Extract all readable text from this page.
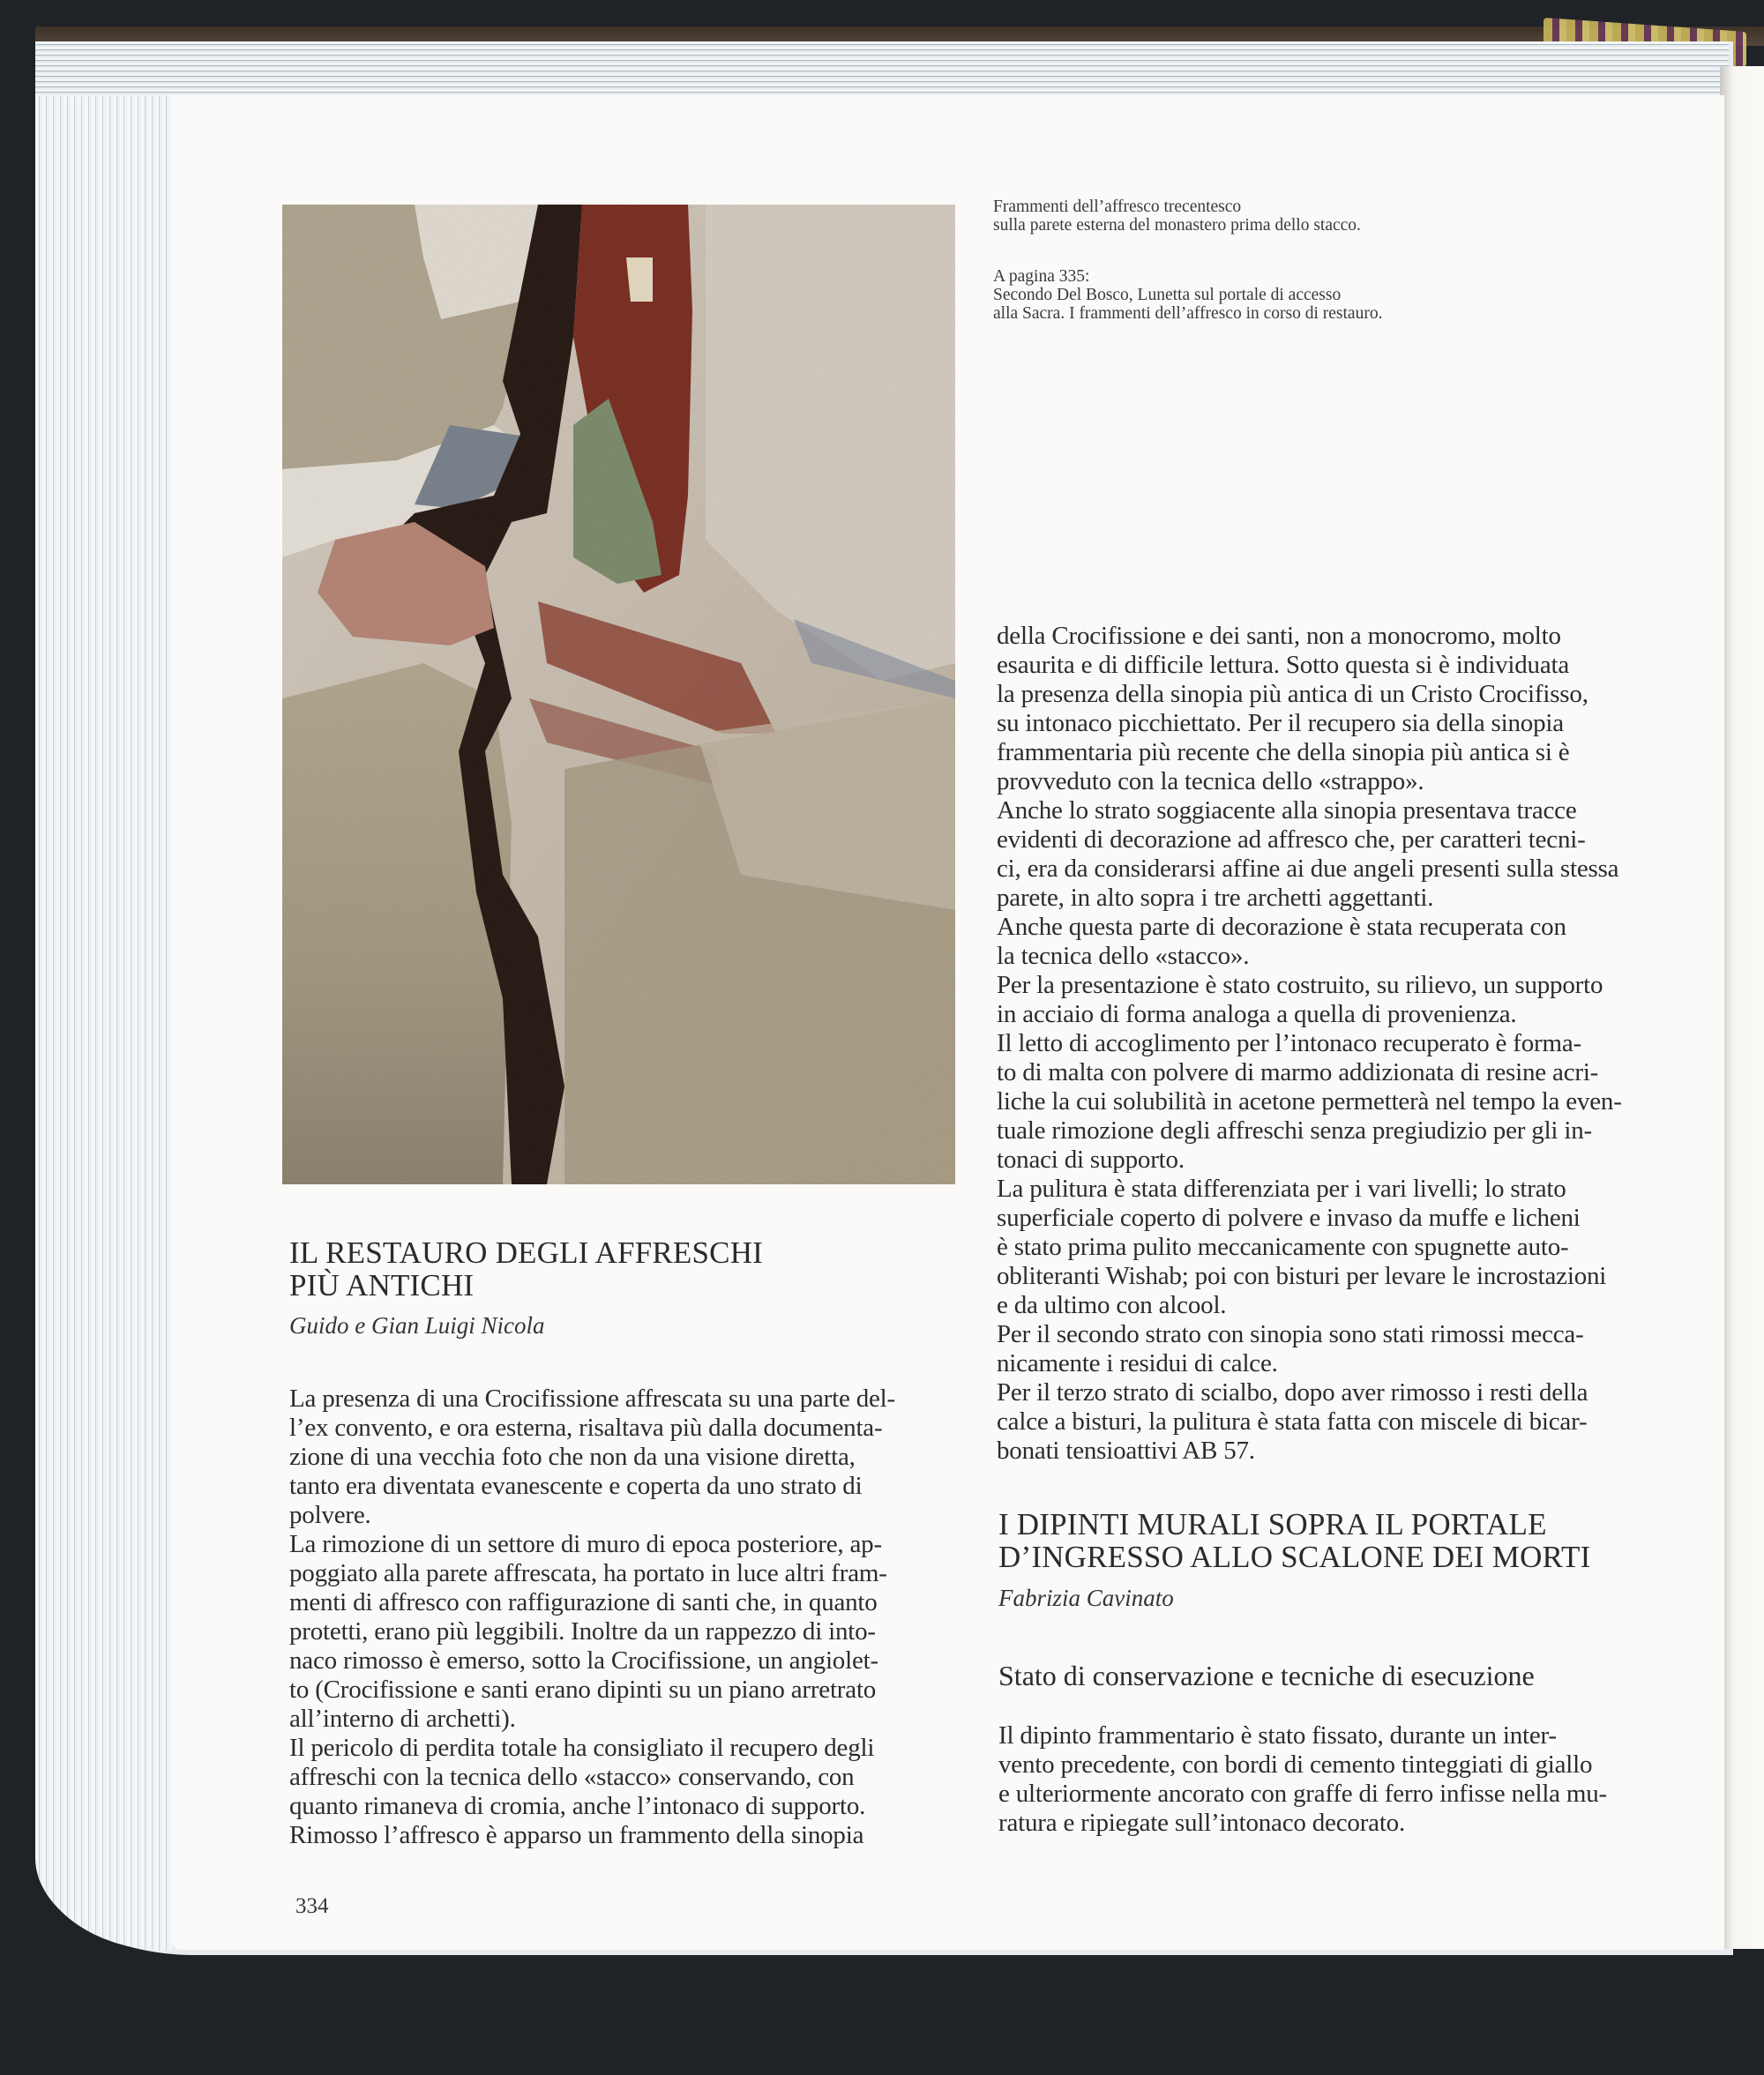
Frammenti dell’affresco trecentesco

sulla parete esterna del monastero prima dello stacco.

A pagina 335:

Secondo Del Bosco, Lunetta sul portale di accesso

alla Sacra. I frammenti dell’affresco in corso di restauro.

IL RESTAURO DEGLI AFFRESCHI

PIÙ ANTICHI

Guido e Gian Luigi Nicola

La presenza di una Crocifissione affrescata su una parte del-

l’ex convento, e ora esterna, risaltava più dalla documenta-

zione di una vecchia foto che non da una visione diretta,

tanto era diventata evanescente e coperta da uno strato di

polvere.

La rimozione di un settore di muro di epoca posteriore, ap-

poggiato alla parete affrescata, ha portato in luce altri fram-

menti di affresco con raffigurazione di santi che, in quanto

protetti, erano più leggibili. Inoltre da un rappezzo di into-

naco rimosso è emerso, sotto la Crocifissione, un angiolet-

to (Crocifissione e santi erano dipinti su un piano arretrato

all’interno di archetti).

Il pericolo di perdita totale ha consigliato il recupero degli

affreschi con la tecnica dello «stacco» conservando, con

quanto rimaneva di cromia, anche l’intonaco di supporto.

Rimosso l’affresco è apparso un frammento della sinopia

della Crocifissione e dei santi, non a monocromo, molto

esaurita e di difficile lettura. Sotto questa si è individuata

la presenza della sinopia più antica di un Cristo Crocifisso,

su intonaco picchiettato. Per il recupero sia della sinopia

frammentaria più recente che della sinopia più antica si è

provveduto con la tecnica dello «strappo».

Anche lo strato soggiacente alla sinopia presentava tracce

evidenti di decorazione ad affresco che, per caratteri tecni-

ci, era da considerarsi affine ai due angeli presenti sulla stessa

parete, in alto sopra i tre archetti aggettanti.

Anche questa parte di decorazione è stata recuperata con

la tecnica dello «stacco».

Per la presentazione è stato costruito, su rilievo, un supporto

in acciaio di forma analoga a quella di provenienza.

Il letto di accoglimento per l’intonaco recuperato è forma-

to di malta con polvere di marmo addizionata di resine acri-

liche la cui solubilità in acetone permetterà nel tempo la even-

tuale rimozione degli affreschi senza pregiudizio per gli in-

tonaci di supporto.

La pulitura è stata differenziata per i vari livelli; lo strato

superficiale coperto di polvere e invaso da muffe e licheni

è stato prima pulito meccanicamente con spugnette auto-

obliteranti Wishab; poi con bisturi per levare le incrostazioni

e da ultimo con alcool.

Per il secondo strato con sinopia sono stati rimossi mecca-

nicamente i residui di calce.

Per il terzo strato di scialbo, dopo aver rimosso i resti della

calce a bisturi, la pulitura è stata fatta con miscele di bicar-

bonati tensioattivi AB 57.

I DIPINTI MURALI SOPRA IL PORTALE

D’INGRESSO ALLO SCALONE DEI MORTI

Fabrizia Cavinato
Stato di conservazione e tecniche di esecuzione

Il dipinto frammentario è stato fissato, durante un inter-

vento precedente, con bordi di cemento tinteggiati di giallo

e ulteriormente ancorato con graffe di ferro infisse nella mu-

ratura e ripiegate sull’intonaco decorato.

334
